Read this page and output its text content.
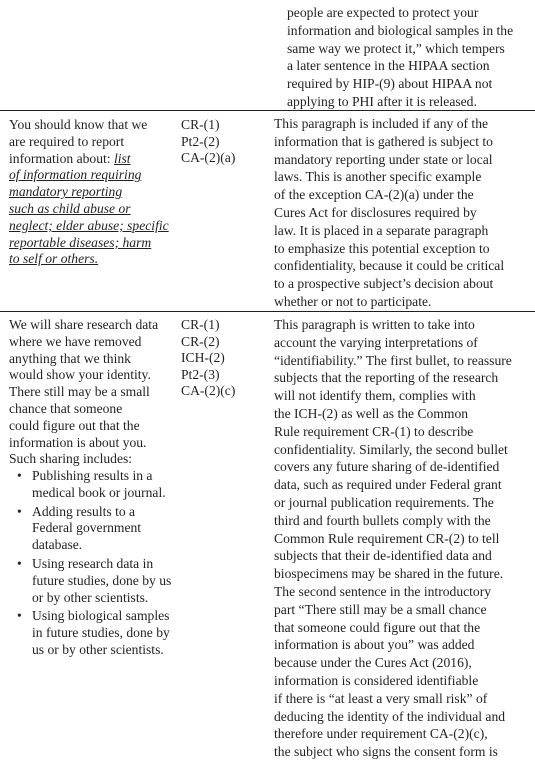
people are expected to protect your
information and biological samples in the
same way we protect it,” which tempers
a later sentence in the HIPAA section
required by HIP-(9) about HIPAA not
applying to PHI after it is released.

You should know that we
are required to report
information about: list
of information requiring
mandatory reporting
such as child abuse or
neglect; elder abuse; specific
reportable diseases; harm
to self or others.

CR-(1)
Pt2-(2)
CA-(2)(a)

This paragraph is included if any of the
information that is gathered is subject to
mandatory reporting under state or local
laws. This is another specific example
of the exception CA-(2)(a) under the
Cures Act for disclosures required by
law. It is placed in a separate paragraph
to emphasize this potential exception to
confidentiality, because it could be critical
to a prospective subject’s decision about
whether or not to participate.

We will share research data
where we have removed
anything that we think
would show your identity.
There still may be a small
chance that someone
could figure out that the
information is about you.
Such sharing includes:

• Publishing results in a
medical book or journal.
• Adding results to a
Federal government
database.
• Using research data in
future studies, done by us
or by other scientists.
• Using biological samples
in future studies, done by
us or by other scientists.

CR-(1)
CR-(2)
ICH-(2)
Pt2-(3)
CA-(2)(c)

This paragraph is written to take into
account the varying interpretations of
“identifiability.” The first bullet, to reassure
subjects that the reporting of the research
will not identify them, complies with
the ICH-(2) as well as the Common
Rule requirement CR-(1) to describe
confidentiality. Similarly, the second bullet
covers any future sharing of de-identified
data, such as required under Federal grant
or journal publication requirements. The
third and fourth bullets comply with the
Common Rule requirement CR-(2) to tell
subjects that their de-identified data and
biospecimens may be shared in the future.
The second sentence in the introductory
part “There still may be a small chance
that someone could figure out that the
information is about you” was added
because under the Cures Act (2016),
information is considered identifiable
if there is “at least a very small risk” of
deducing the identity of the individual and
therefore under requirement CA-(2)(c),
the subject who signs the consent form is
